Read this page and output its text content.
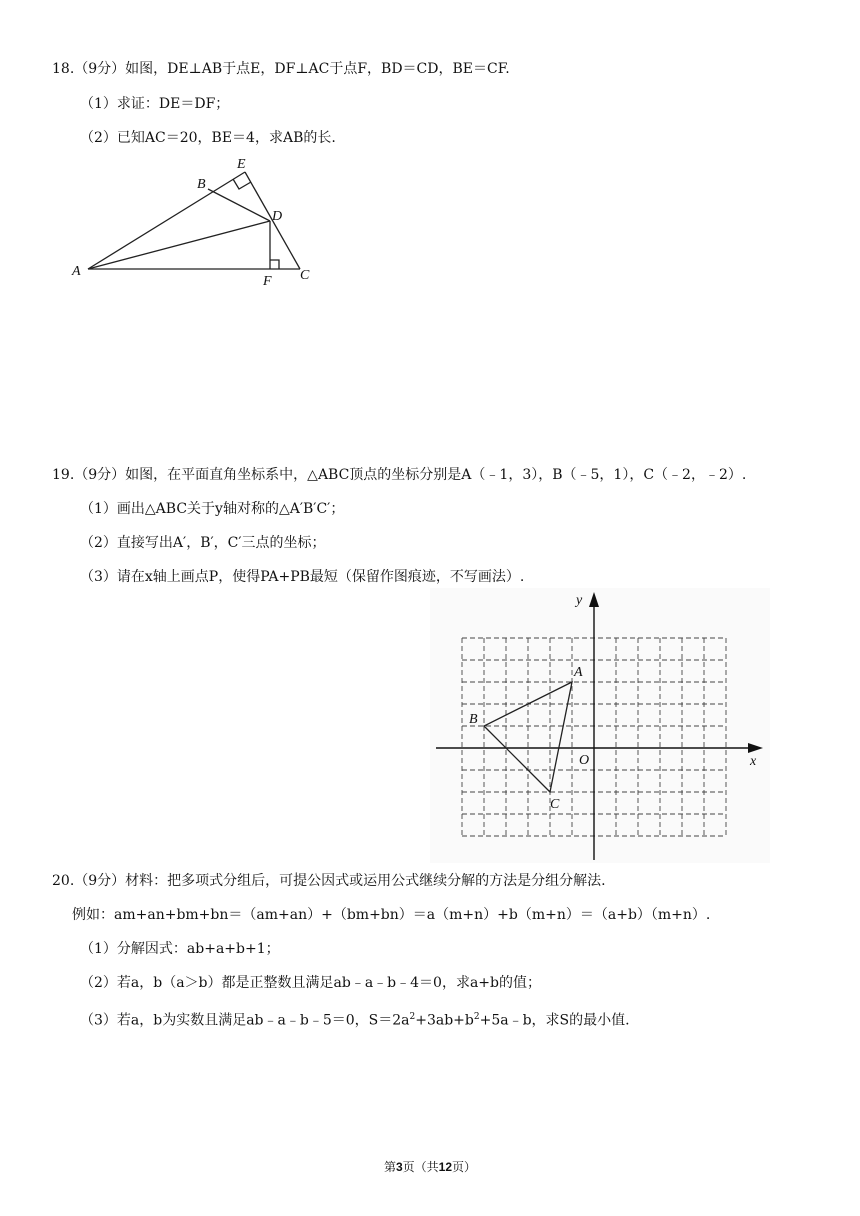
18.（9分）如图，DE⊥AB于点E，DF⊥AC于点F，BD＝CD，BE＝CF.
（1）求证：DE＝DF；
（2）已知AC＝20，BE＝4，求AB的长.
A
B
E
D
F C
19.（9分）如图，在平面直角坐标系中，△ABC顶点的坐标分别是A（﹣1，3），B（﹣5，1），C（﹣2，﹣2）.
（1）画出△ABC关于y轴对称的△A′B′C′；
（2）直接写出A′，B′，C′三点的坐标；
（3）请在x轴上画点P，使得PA+PB最短（保留作图痕迹，不写画法）.
A
B
C
x
y
O
20.（9分）材料：把多项式分组后，可提公因式或运用公式继续分解的方法是分组分解法.
例如：am+an+bm+bn＝（am+an）+（bm+bn）＝a（m+n）+b（m+n）＝（a+b）（m+n）.
（1）分解因式：ab+a+b+1；
（2）若a，b（a＞b）都是正整数且满足ab﹣a﹣b﹣4＝0，求a+b的值；
（3）若a，b为实数且满足ab﹣a﹣b﹣5＝0，$S=2a^2+3ab+b^2+5a﹣b$，求S的最小值.
第3页（共12页）
